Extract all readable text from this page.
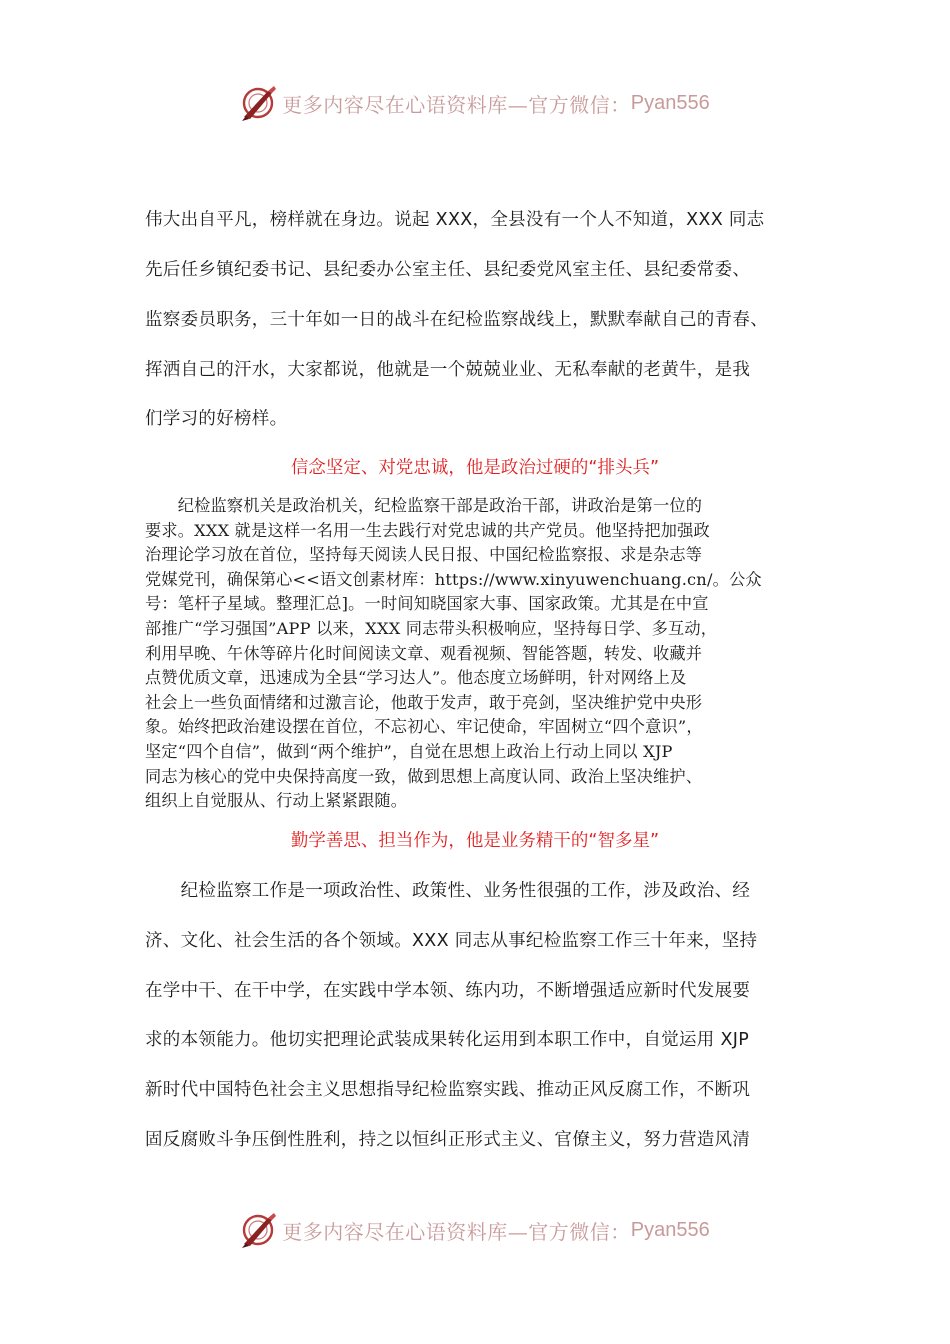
更多内容尽在心语资料库—官方微信： Pyan556
伟大出自平凡，榜样就在身边。说起 XXX，全县没有一个人不知道，XXX 同志
先后任乡镇纪委书记、县纪委办公室主任、县纪委党风室主任、县纪委常委、
监察委员职务，三十年如一日的战斗在纪检监察战线上，默默奉献自己的青春、
挥洒自己的汗水，大家都说，他就是一个兢兢业业、无私奉献的老黄牛，是我
们学习的好榜样。
信念坚定、对党忠诚，他是政治过硬的“排头兵”
　　纪检监察机关是政治机关，纪检监察干部是政治干部，讲政治是第一位的
要求。XXX 就是这样一名用一生去践行对党忠诚的共产党员。他坚持把加强政
治理论学习放在首位，坚持每天阅读人民日报、中国纪检监察报、求是杂志等
党媒党刊，确保第心<<语文创素材库：https://www.xinyuwenchuang.cn/。公众
号：笔杆子星域。整理汇总]。一时间知晓国家大事、国家政策。尤其是在中宣
部推广“学习强国”APP 以来，XXX 同志带头积极响应，坚持每日学、多互动，
利用早晚、午休等碎片化时间阅读文章、观看视频、智能答题，转发、收藏并
点赞优质文章，迅速成为全县“学习达人”。他态度立场鲜明，针对网络上及
社会上一些负面情绪和过激言论，他敢于发声，敢于亮剑，坚决维护党中央形
象。始终把政治建设摆在首位，不忘初心、牢记使命，牢固树立“四个意识”，
坚定“四个自信”，做到“两个维护”，自觉在思想上政治上行动上同以 XJP
同志为核心的党中央保持高度一致，做到思想上高度认同、政治上坚决维护、
组织上自觉服从、行动上紧紧跟随。
勤学善思、担当作为，他是业务精干的“智多星”
　　纪检监察工作是一项政治性、政策性、业务性很强的工作，涉及政治、经
济、文化、社会生活的各个领域。XXX 同志从事纪检监察工作三十年来，坚持
在学中干、在干中学，在实践中学本领、练内功，不断增强适应新时代发展要
求的本领能力。他切实把理论武装成果转化运用到本职工作中，自觉运用 XJP
新时代中国特色社会主义思想指导纪检监察实践、推动正风反腐工作，不断巩
固反腐败斗争压倒性胜利，持之以恒纠正形式主义、官僚主义，努力营造风清
更多内容尽在心语资料库—官方微信： Pyan556
